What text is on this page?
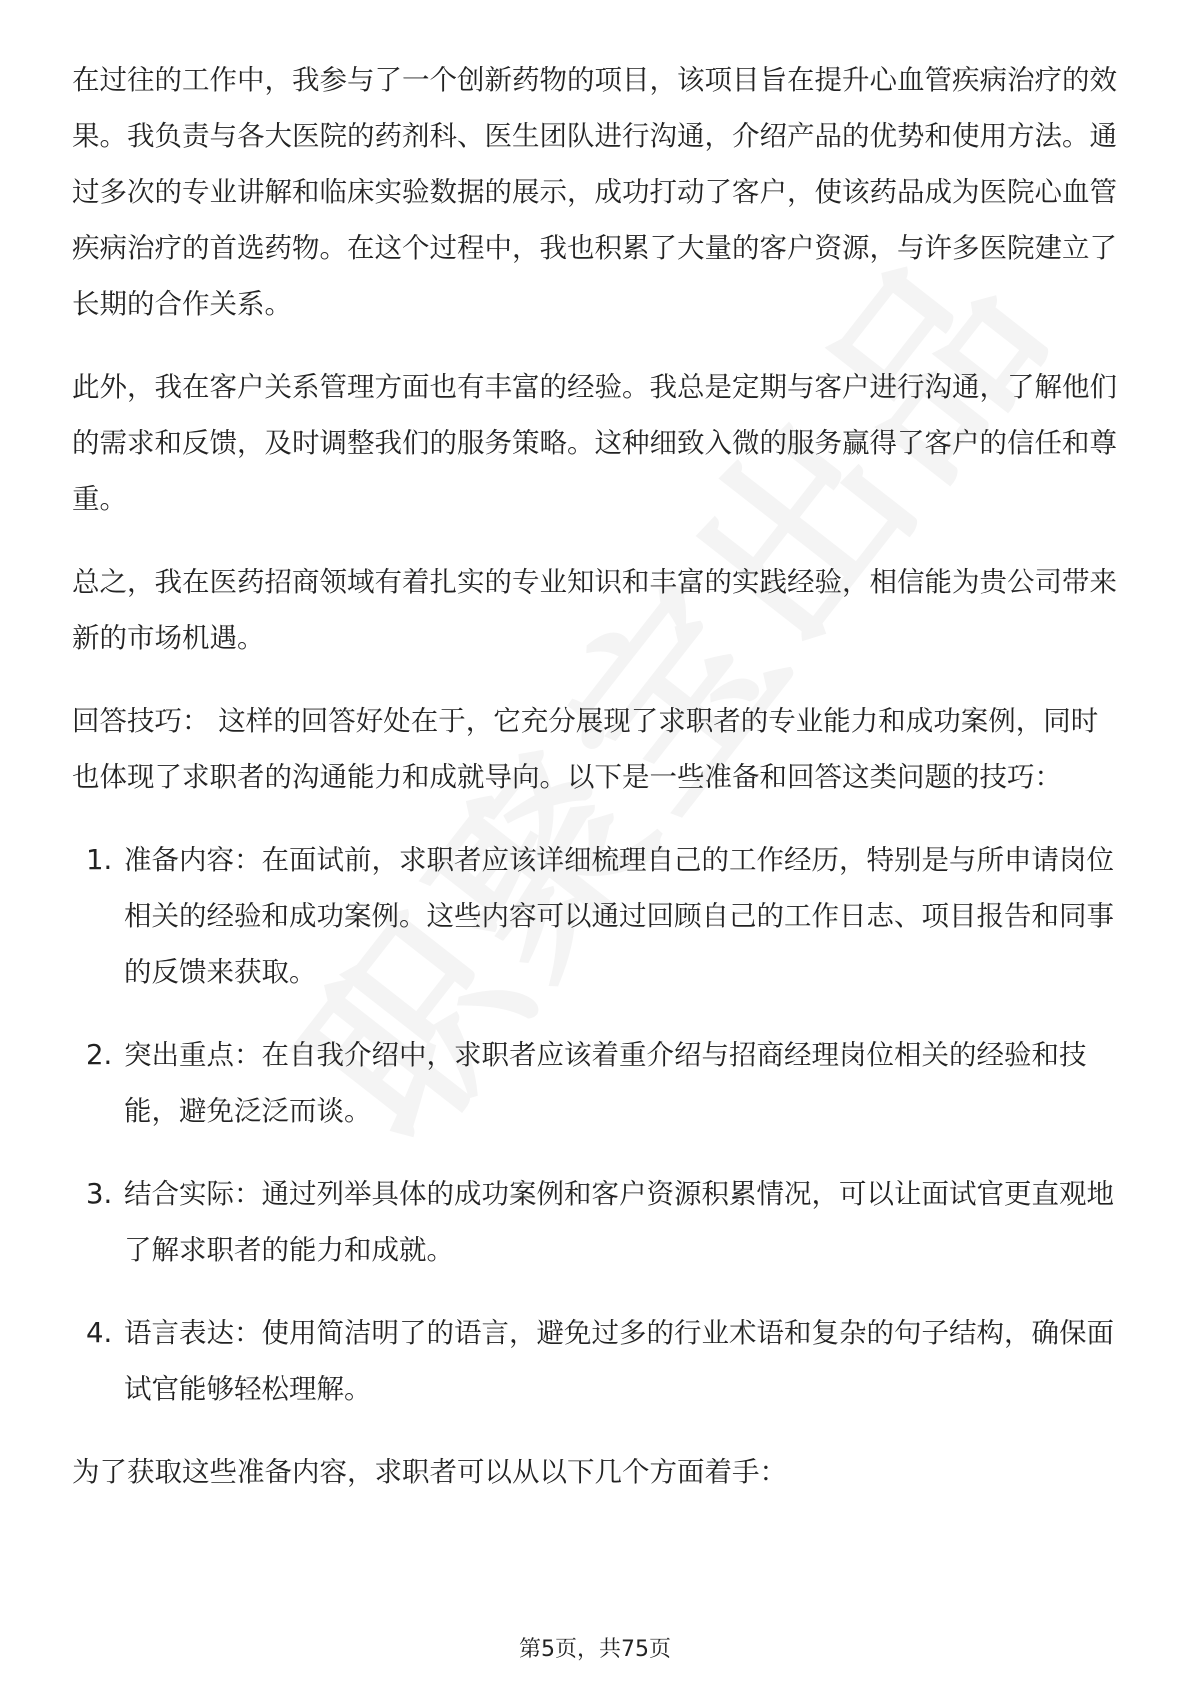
在过往的工作中，我参与了一个创新药物的项目，该项目旨在提升心血管疾病治疗的效果。我负责与各大医院的药剂科、医生团队进行沟通，介绍产品的优势和使用方法。通过多次的专业讲解和临床实验数据的展示，成功打动了客户，使该药品成为医院心血管疾病治疗的首选药物。在这个过程中，我也积累了大量的客户资源，与许多医院建立了长期的合作关系。

此外，我在客户关系管理方面也有丰富的经验。我总是定期与客户进行沟通，了解他们的需求和反馈，及时调整我们的服务策略。这种细致入微的服务赢得了客户的信任和尊重。

总之，我在医药招商领域有着扎实的专业知识和丰富的实践经验，相信能为贵公司带来新的市场机遇。

回答技巧： 这样的回答好处在于，它充分展现了求职者的专业能力和成功案例，同时也体现了求职者的沟通能力和成就导向。以下是一些准备和回答这类问题的技巧：

1. 准备内容：在面试前，求职者应该详细梳理自己的工作经历，特别是与所申请岗位相关的经验和成功案例。这些内容可以通过回顾自己的工作日志、项目报告和同事的反馈来获取。
2. 突出重点：在自我介绍中，求职者应该着重介绍与招商经理岗位相关的经验和技能，避免泛泛而谈。
3. 结合实际：通过列举具体的成功案例和客户资源积累情况，可以让面试官更直观地了解求职者的能力和成就。
4. 语言表达：使用简洁明了的语言，避免过多的行业术语和复杂的句子结构，确保面试官能够轻松理解。

为了获取这些准备内容，求职者可以从以下几个方面着手：

第5页，共75页
